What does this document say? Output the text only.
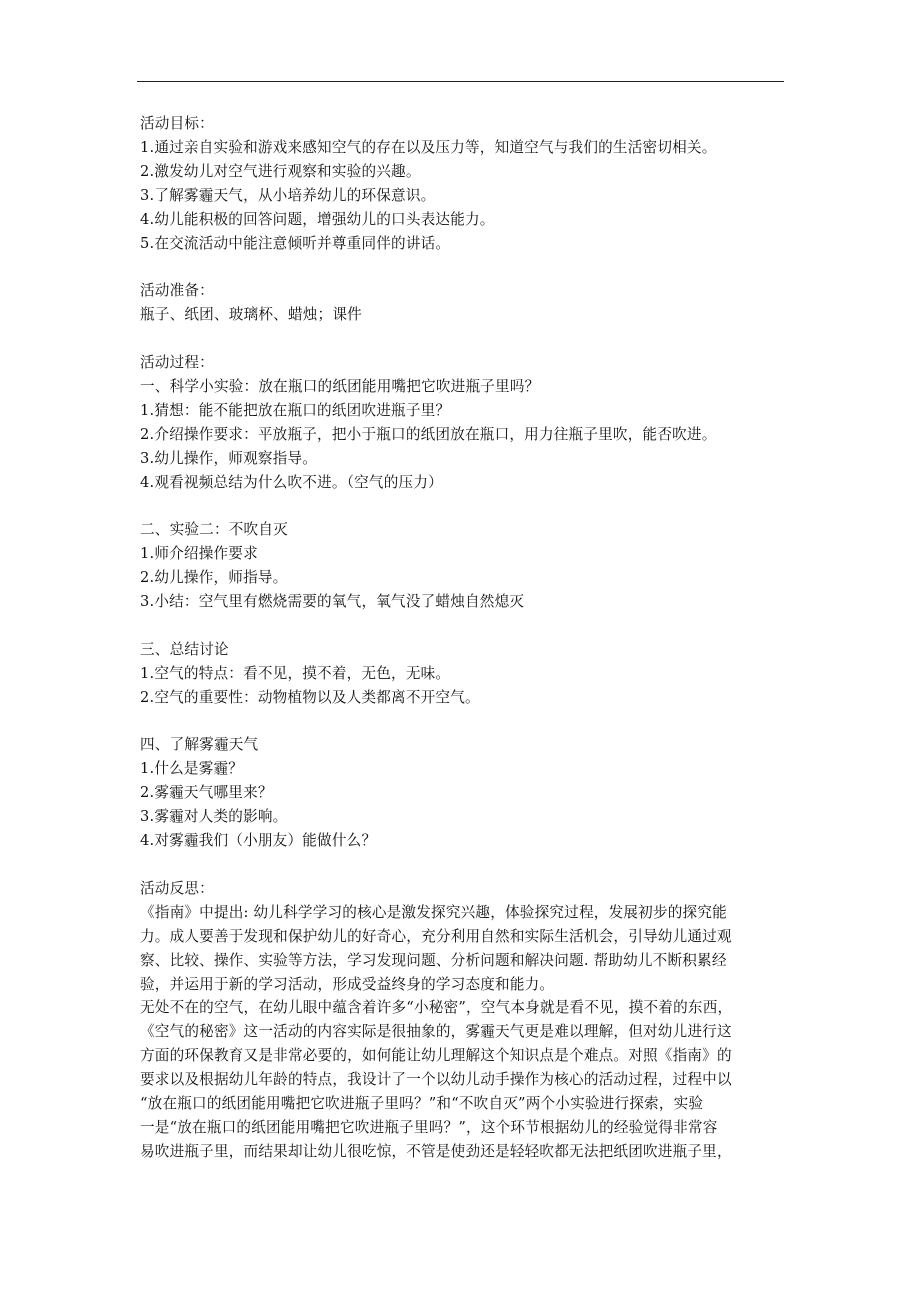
活动目标：

1.通过亲自实验和游戏来感知空气的存在以及压力等，知道空气与我们的生活密切相关。

2.激发幼儿对空气进行观察和实验的兴趣。

3.了解雾霾天气，从小培养幼儿的环保意识。

4.幼儿能积极的回答问题，增强幼儿的口头表达能力。

5.在交流活动中能注意倾听并尊重同伴的讲话。

活动准备：

瓶子、纸团、玻璃杯、蜡烛；课件

活动过程：

一、科学小实验：放在瓶口的纸团能用嘴把它吹进瓶子里吗？

1.猜想：能不能把放在瓶口的纸团吹进瓶子里？

2.介绍操作要求：平放瓶子，把小于瓶口的纸团放在瓶口，用力往瓶子里吹，能否吹进。

3.幼儿操作，师观察指导。

4.观看视频总结为什么吹不进。（空气的压力）

二、实验二：不吹自灭

1.师介绍操作要求

2.幼儿操作，师指导。

3.小结：空气里有燃烧需要的氧气，氧气没了蜡烛自然熄灭

三、总结讨论

1.空气的特点：看不见，摸不着，无色，无味。

2.空气的重要性：动物植物以及人类都离不开空气。

四、了解雾霾天气

1.什么是雾霾？

2.雾霾天气哪里来？

3.雾霾对人类的影响。

4.对雾霾我们（小朋友）能做什么？

活动反思：

《指南》中提出: 幼儿科学学习的核心是激发探究兴趣，体验探究过程，发展初步的探究能

力。成人要善于发现和保护幼儿的好奇心，充分利用自然和实际生活机会，引导幼儿通过观

察、比较、操作、实验等方法，学习发现问题、分析问题和解决问题. 帮助幼儿不断积累经

验，并运用于新的学习活动，形成受益终身的学习态度和能力。

无处不在的空气，在幼儿眼中蕴含着许多“小秘密”，空气本身就是看不见，摸不着的东西，

《空气的秘密》这一活动的内容实际是很抽象的，雾霾天气更是难以理解，但对幼儿进行这

方面的环保教育又是非常必要的，如何能让幼儿理解这个知识点是个难点。对照《指南》的

要求以及根据幼儿年龄的特点，我设计了一个以幼儿动手操作为核心的活动过程，过程中以

“放在瓶口的纸团能用嘴把它吹进瓶子里吗？”和“不吹自灭”两个小实验进行探索，实验

一是“放在瓶口的纸团能用嘴把它吹进瓶子里吗？”，这个环节根据幼儿的经验觉得非常容

易吹进瓶子里，而结果却让幼儿很吃惊，不管是使劲还是轻轻吹都无法把纸团吹进瓶子里，
